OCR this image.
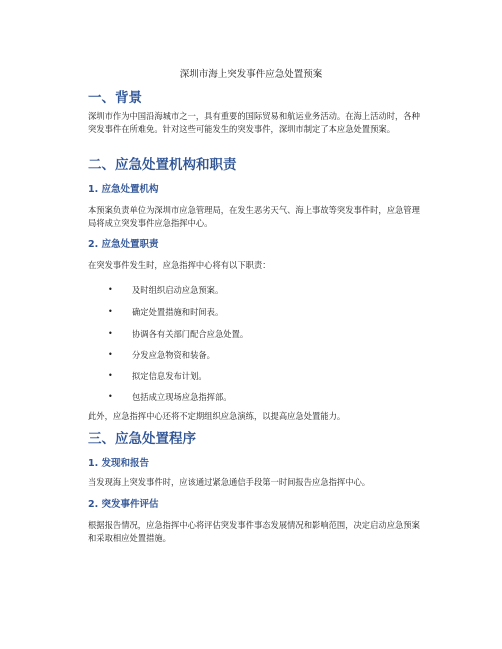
深圳市海上突发事件应急处置预案
一、背景
深圳市作为中国沿海城市之一，具有重要的国际贸易和航运业务活动。在海上活动时，各种突发事件在所难免。针对这些可能发生的突发事件，深圳市制定了本应急处置预案。
二、应急处置机构和职责
1. 应急处置机构
本预案负责单位为深圳市应急管理局，在发生恶劣天气、海上事故等突发事件时，应急管理局将成立突发事件应急指挥中心。
2. 应急处置职责
在突发事件发生时，应急指挥中心将有以下职责：
• 及时组织启动应急预案。
• 确定处置措施和时间表。
• 协调各有关部门配合应急处置。
• 分发应急物资和装备。
• 拟定信息发布计划。
• 包括成立现场应急指挥部。
此外，应急指挥中心还将不定期组织应急演练，以提高应急处置能力。
三、应急处置程序
1. 发现和报告
当发现海上突发事件时，应该通过紧急通信手段第一时间报告应急指挥中心。
2. 突发事件评估
根据报告情况，应急指挥中心将评估突发事件事态发展情况和影响范围，决定启动应急预案和采取相应处置措施。
